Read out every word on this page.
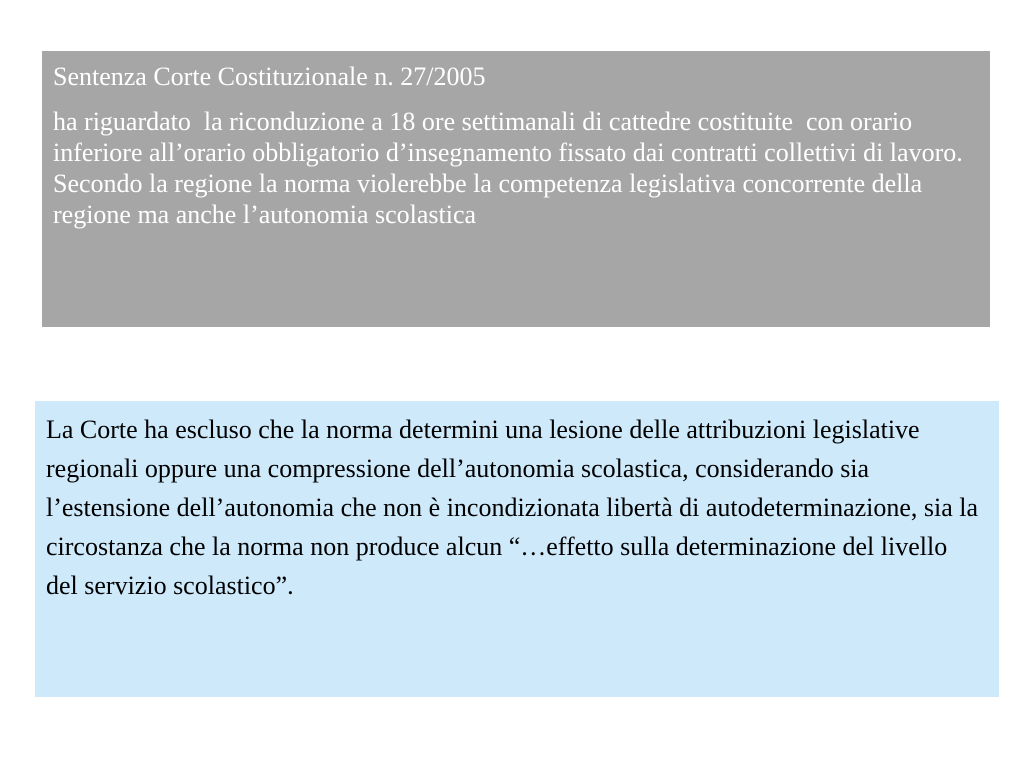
Sentenza Corte Costituzionale n. 27/2005

ha riguardato  la riconduzione a 18 ore settimanali di cattedre costituite  con orario inferiore all’orario obbligatorio d’insegnamento fissato dai contratti collettivi di lavoro. Secondo la regione la norma violerebbe la competenza legislativa concorrente della regione ma anche l’autonomia scolastica

La Corte ha escluso che la norma determini una lesione delle attribuzioni legislative regionali oppure una compressione dell’autonomia scolastica, considerando sia l’estensione dell’autonomia che non è incondizionata libertà di autodeterminazione, sia la circostanza che la norma non produce alcun “…effetto sulla determinazione del livello del servizio scolastico”.
